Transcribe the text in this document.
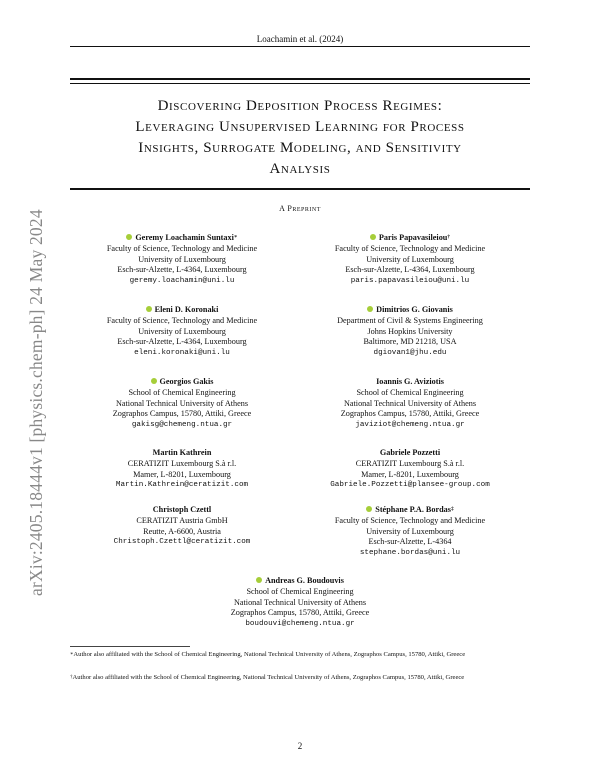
Loachamin et al. (2024)
Discovering Deposition Process Regimes:
Leveraging Unsupervised Learning for Process
Insights, Surrogate Modeling, and Sensitivity
Analysis
A Preprint
Geremy Loachamin Suntaxi∗
Faculty of Science, Technology and Medicine
University of Luxembourg
Esch-sur-Alzette, L-4364, Luxembourg
geremy.loachamin@uni.lu
Paris Papavasileiou†
Faculty of Science, Technology and Medicine
University of Luxembourg
Esch-sur-Alzette, L-4364, Luxembourg
paris.papavasileiou@uni.lu
Eleni D. Koronaki
Faculty of Science, Technology and Medicine
University of Luxembourg
Esch-sur-Alzette, L-4364, Luxembourg
eleni.koronaki@uni.lu
Dimitrios G. Giovanis
Department of Civil & Systems Engineering
Johns Hopkins University
Baltimore, MD 21218, USA
dgiovan1@jhu.edu
Georgios Gakis
School of Chemical Engineering
National Technical University of Athens
Zographos Campus, 15780, Attiki, Greece
gakisg@chemeng.ntua.gr
Ioannis G. Aviziotis
School of Chemical Engineering
National Technical University of Athens
Zographos Campus, 15780, Attiki, Greece
javiziot@chemeng.ntua.gr
Martin Kathrein
CERATIZIT Luxembourg S.à r.l.
Mamer, L-8201, Luxembourg
Martin.Kathrein@ceratizit.com
Gabriele Pozzetti
CERATIZIT Luxembourg S.à r.l.
Mamer, L-8201, Luxembourg
Gabriele.Pozzetti@plansee-group.com
Christoph Czettl
CERATIZIT Austria GmbH
Reutte, A-6600, Austria
Christoph.Czettl@ceratizit.com
Stéphane P.A. Bordas‡
Faculty of Science, Technology and Medicine
University of Luxembourg
Esch-sur-Alzette, L-4364
stephane.bordas@uni.lu
Andreas G. Boudouvis
School of Chemical Engineering
National Technical University of Athens
Zographos Campus, 15780, Attiki, Greece
boudouvi@chemeng.ntua.gr
∗Author also affiliated with the School of Chemical Engineering, National Technical University of Athens, Zographos Campus, 15780, Attiki, Greece
†Author also affiliated with the School of Chemical Engineering, National Technical University of Athens, Zographos Campus, 15780, Attiki, Greece
2
arXiv:2405.18444v1 [physics.chem-ph] 24 May 2024
